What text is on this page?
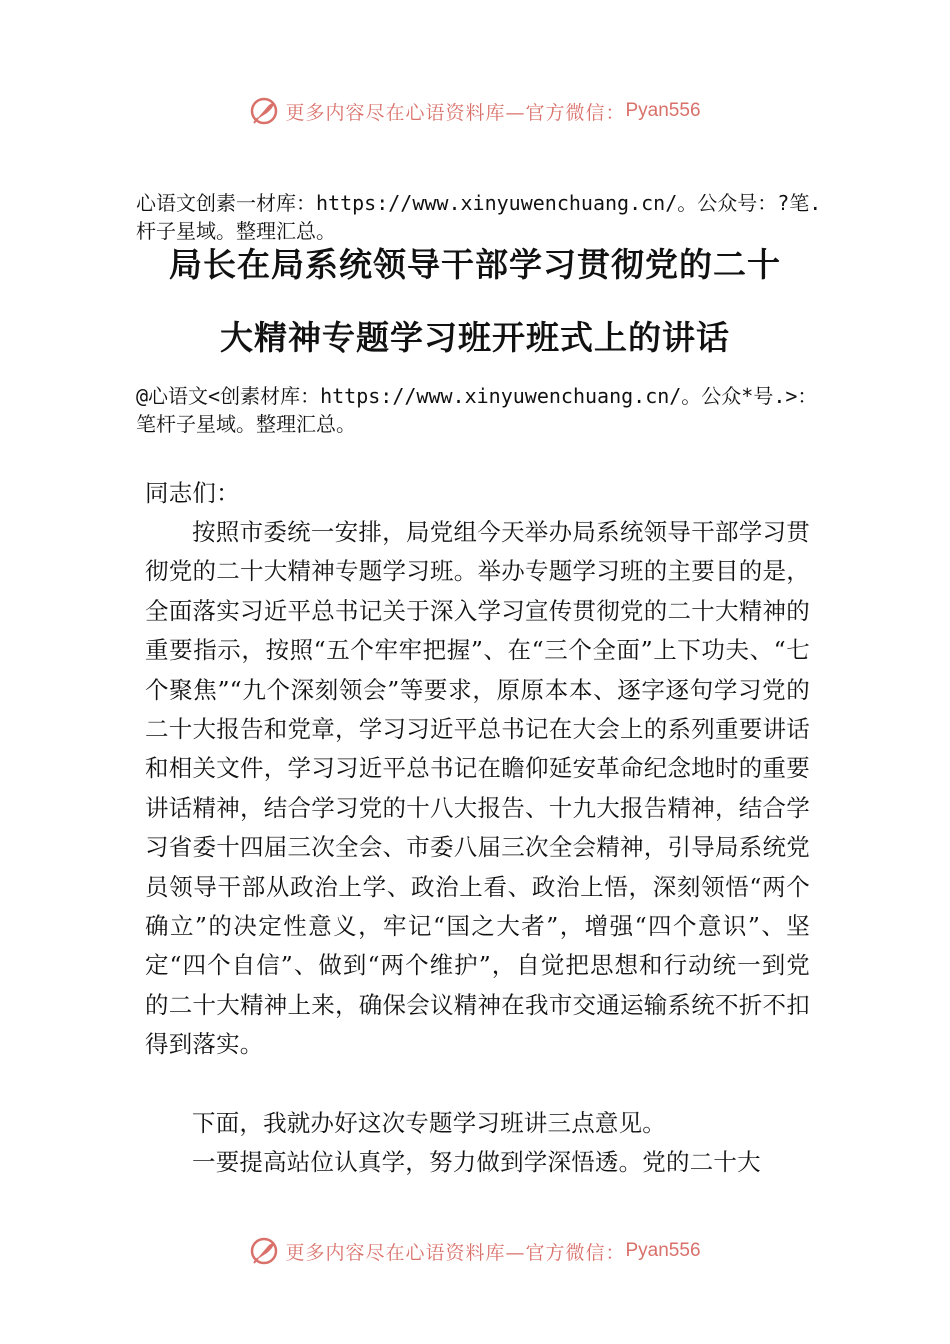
更多内容尽在心语资料库—官方微信： Pyan556
心语文创素一材库：https://www.xinyuwenchuang.cn/。公众号：?笔.杆子星域。整理汇总。
局长在局系统领导干部学习贯彻党的二十
大精神专题学习班开班式上的讲话
@心语文<创素材库：https://www.xinyuwenchuang.cn/。公众*号.>：笔杆子星域。整理汇总。
同志们：

按照市委统一安排，局党组今天举办局系统领导干部学习贯彻党的二十大精神专题学习班。举办专题学习班的主要目的是，全面落实习近平总书记关于深入学习宣传贯彻党的二十大精神的重要指示，按照“五个牢牢把握”、在“三个全面”上下功夫、“七个聚焦”“九个深刻领会”等要求，原原本本、逐字逐句学习党的二十大报告和党章，学习习近平总书记在大会上的系列重要讲话和相关文件，学习习近平总书记在瞻仰延安革命纪念地时的重要讲话精神，结合学习党的十八大报告、十九大报告精神，结合学习省委十四届三次全会、市委八届三次全会精神，引导局系统党员领导干部从政治上学、政治上看、政治上悟，深刻领悟“两个确立”的决定性意义，牢记“国之大者”，增强“四个意识”、坚定“四个自信”、做到“两个维护”，自觉把思想和行动统一到党的二十大精神上来，确保会议精神在我市交通运输系统不折不扣得到落实。

下面，我就办好这次专题学习班讲三点意见。

一要提高站位认真学，努力做到学深悟透。党的二十大

更多内容尽在心语资料库—官方微信： Pyan556
